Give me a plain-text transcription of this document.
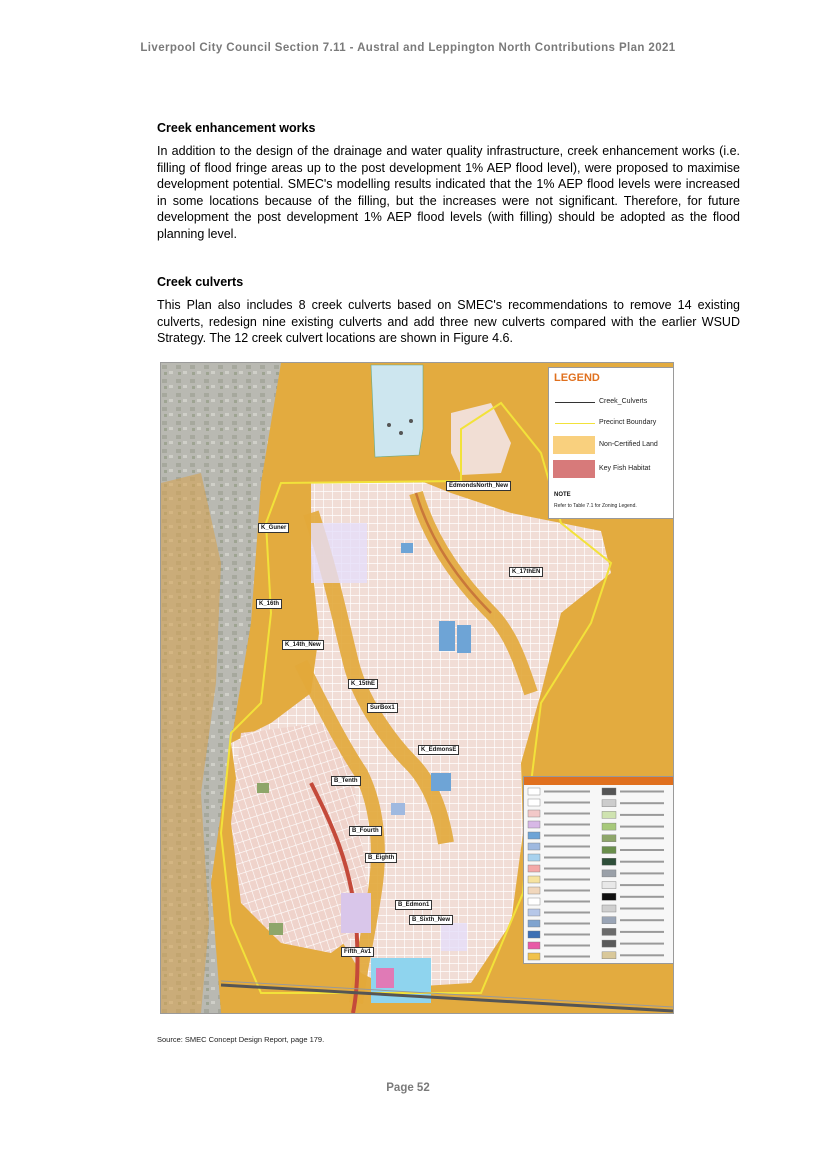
Liverpool City Council Section 7.11 - Austral and Leppington North Contributions Plan 2021
Creek enhancement works

In addition to the design of the drainage and water quality infrastructure, creek enhancement works (i.e. filling of flood fringe areas up to the post development 1% AEP flood level), were proposed to maximise development potential. SMEC's modelling results indicated that the 1% AEP flood levels were increased in some locations because of the filling, but the increases were not significant. Therefore, for future development the post development 1% AEP flood levels (with filling) should be adopted as the flood planning level.

Creek culverts

This Plan also includes 8 creek culverts based on SMEC's recommendations to remove 14 existing culverts, redesign nine existing culverts and add three new culverts compared with the earlier WSUD Strategy. The 12 creek culvert locations are shown in Figure 4.6.

EdmondsNorth_New
K_Guner
K_17thEN
K_16th
K_14th_New
K_15thE
SurBox1
K_EdmonsE
B_Tenth
B_Fourth
B_Eighth
B_Edmon1
B_Sixth_New
Fifth_Av1
LEGEND
Creek_Culverts
Precinct Boundary
Non-Certified Land
Key Fish Habitat
NOTE
Refer to Table 7.1 for Zoning Legend.
Source: SMEC Concept Design Report, page 179.
Page 52
